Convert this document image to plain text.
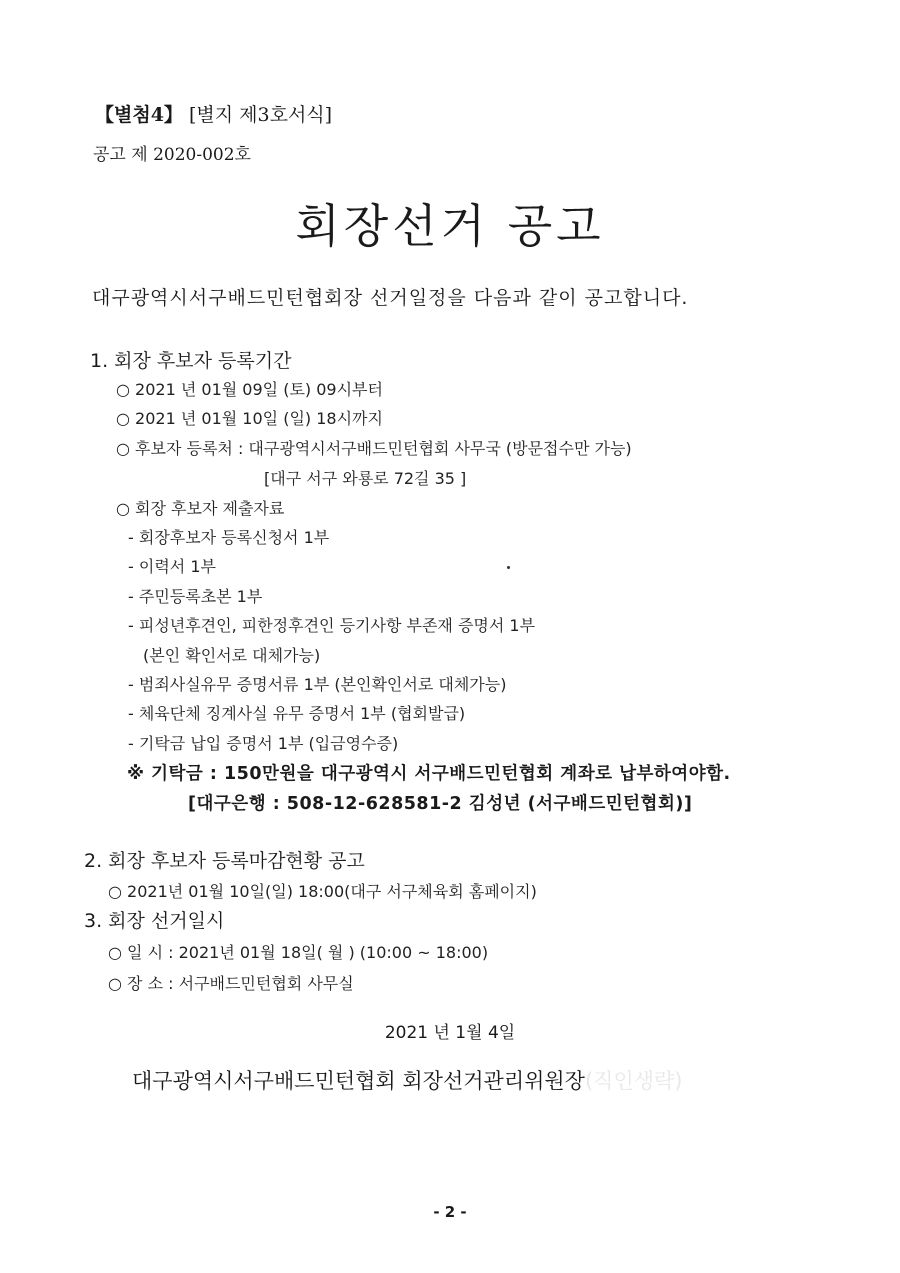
【별첨4】 [별지 제3호서식]
공고 제 2020-002호
회장선거 공고
대구광역시서구배드민턴협회장 선거일정을 다음과 같이 공고합니다.
1. 회장 후보자 등록기간
○ 2021 년 01월 09일 (토) 09시부터
○ 2021 년 01월 10일 (일) 18시까지
○ 후보자 등록처 : 대구광역시서구배드민턴협회 사무국 (방문접수만 가능)
[대구 서구 와룡로 72길 35 ]
○ 회장 후보자 제출자료
- 회장후보자 등록신청서 1부
- 이력서 1부
- 주민등록초본 1부
- 피성년후견인, 피한정후견인 등기사항 부존재 증명서 1부
(본인 확인서로 대체가능)
- 범죄사실유무 증명서류 1부 (본인확인서로 대체가능)
- 체육단체 징계사실 유무 증명서 1부 (협회발급)
- 기탁금 납입 증명서 1부 (입금영수증)
※ 기탁금 : 150만원을 대구광역시 서구배드민턴협회 계좌로 납부하여야함.
[대구은행 : 508-12-628581-2 김성년 (서구배드민턴협회)]
2. 회장 후보자 등록마감현황 공고
○ 2021년 01월 10일(일) 18:00(대구 서구체육회 홈페이지)
3. 회장 선거일시
○ 일 시 : 2021년 01월 18일( 월 ) (10:00 ~ 18:00)
○ 장 소 : 서구배드민턴협회 사무실
2021 년 1월 4일
대구광역시서구배드민턴협회 회장선거관리위원장(직인생략)
- 2 -
